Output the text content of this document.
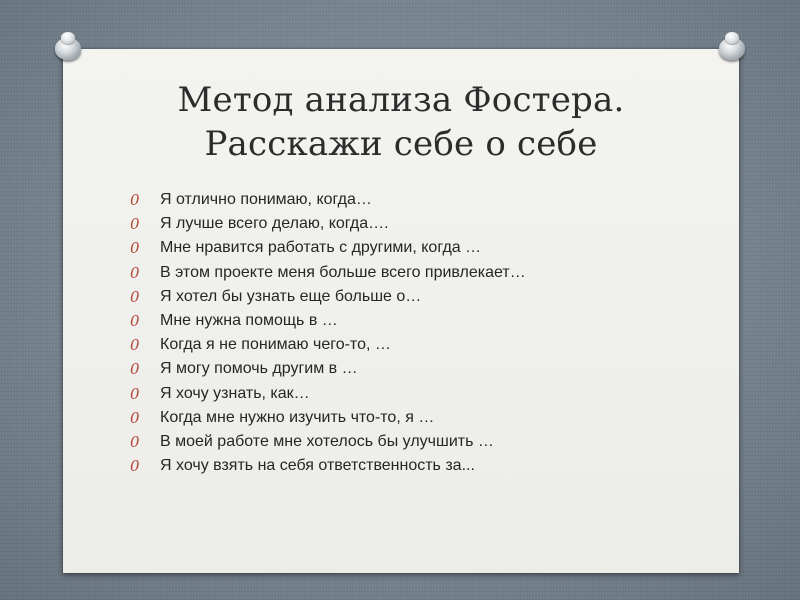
Метод анализа Фостера.
Расскажи себе о себе
0 Я отлично понимаю, когда…
0 Я лучше всего делаю, когда….
0 Мне нравится работать с другими, когда …
0 В этом проекте меня больше всего привлекает…
0 Я хотел бы узнать еще больше о…
0 Мне нужна помощь в …
0 Когда я не понимаю чего-то, …
0 Я могу помочь другим в …
0 Я хочу узнать, как…
0 Когда мне нужно изучить что-то, я …
0 В моей работе мне хотелось бы улучшить …
0 Я хочу взять на себя ответственность за...
